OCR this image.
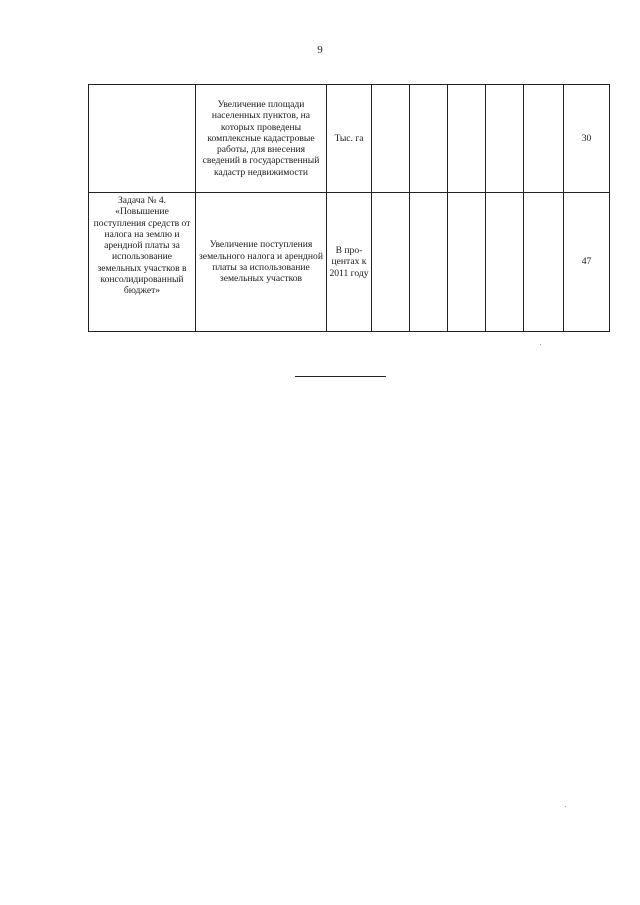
9
	Увеличение площади населенных пунктов, на которых проведены комплексные кадастровые работы, для внесения сведений в государственный кадастр недвижимости	Тыс. га						30	
Задача № 4. «Повышение поступления средств от налога на землю и арендной платы за использование земельных участков в консолидированный бюджет»	Увеличение поступления земельного налога и арендной платы за использование земельных участков	В про-центах к 2011 году						47	
